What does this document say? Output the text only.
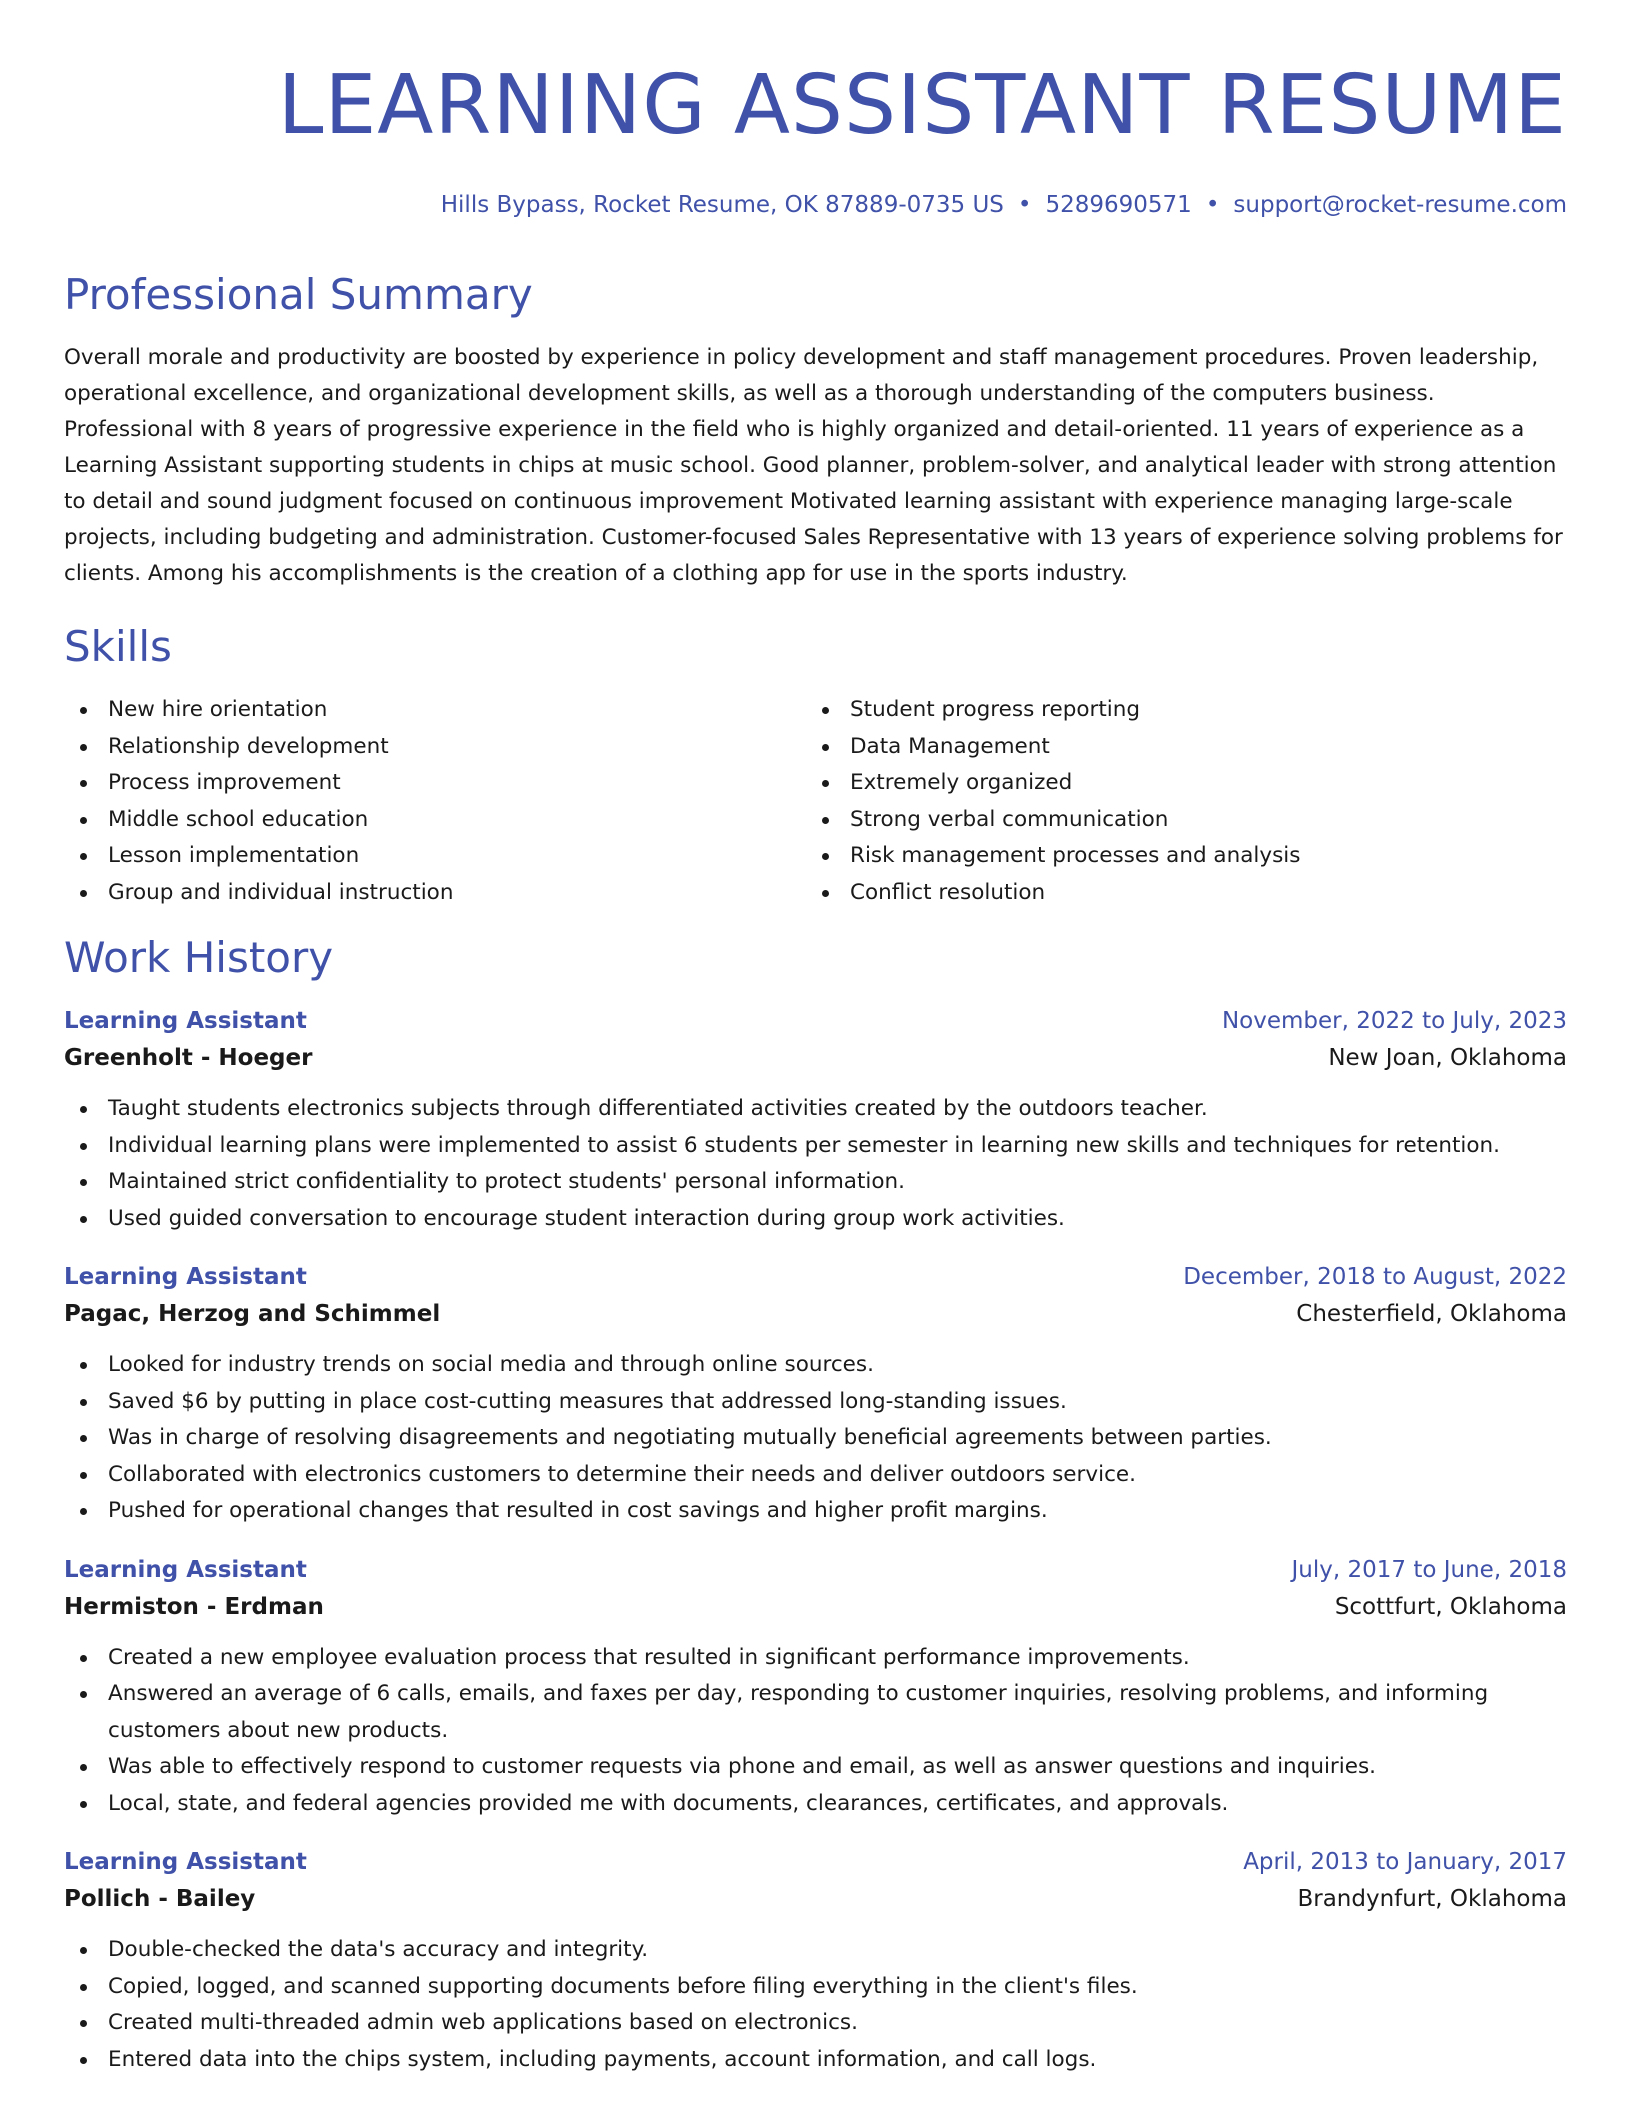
LEARNING ASSISTANT RESUME
Hills Bypass, Rocket Resume, OK 87889-0735 US • 5289690571 • support@rocket-resume.com
Professional Summary

Overall morale and productivity are boosted by experience in policy development and staff management procedures. Proven leadership, operational excellence, and organizational development skills, as well as a thorough understanding of the computers business. Professional with 8 years of progressive experience in the field who is highly organized and detail-oriented. 11 years of experience as a Learning Assistant supporting students in chips at music school. Good planner, problem-solver, and analytical leader with strong attention to detail and sound judgment focused on continuous improvement Motivated learning assistant with experience managing large-scale projects, including budgeting and administration. Customer-focused Sales Representative with 13 years of experience solving problems for clients. Among his accomplishments is the creation of a clothing app for use in the sports industry.

Skills
New hire orientation
Relationship development
Process improvement
Middle school education
Lesson implementation
Group and individual instruction
Student progress reporting
Data Management
Extremely organized
Strong verbal communication
Risk management processes and analysis
Conflict resolution
Work History
Learning Assistant	November, 2022 to July, 2023
Greenholt - Hoeger	New Joan, Oklahoma
Taught students electronics subjects through differentiated activities created by the outdoors teacher.
Individual learning plans were implemented to assist 6 students per semester in learning new skills and techniques for retention.
Maintained strict confidentiality to protect students' personal information.
Used guided conversation to encourage student interaction during group work activities.
Learning Assistant	December, 2018 to August, 2022
Pagac, Herzog and Schimmel	Chesterfield, Oklahoma
Looked for industry trends on social media and through online sources.
Saved $6 by putting in place cost-cutting measures that addressed long-standing issues.
Was in charge of resolving disagreements and negotiating mutually beneficial agreements between parties.
Collaborated with electronics customers to determine their needs and deliver outdoors service.
Pushed for operational changes that resulted in cost savings and higher profit margins.
Learning Assistant	July, 2017 to June, 2018
Hermiston - Erdman	Scottfurt, Oklahoma
Created a new employee evaluation process that resulted in significant performance improvements.
Answered an average of 6 calls, emails, and faxes per day, responding to customer inquiries, resolving problems, and informing customers about new products.
Was able to effectively respond to customer requests via phone and email, as well as answer questions and inquiries.
Local, state, and federal agencies provided me with documents, clearances, certificates, and approvals.
Learning Assistant	April, 2013 to January, 2017
Pollich - Bailey	Brandynfurt, Oklahoma
Double-checked the data's accuracy and integrity.
Copied, logged, and scanned supporting documents before filing everything in the client's files.
Created multi-threaded admin web applications based on electronics.
Entered data into the chips system, including payments, account information, and call logs.
